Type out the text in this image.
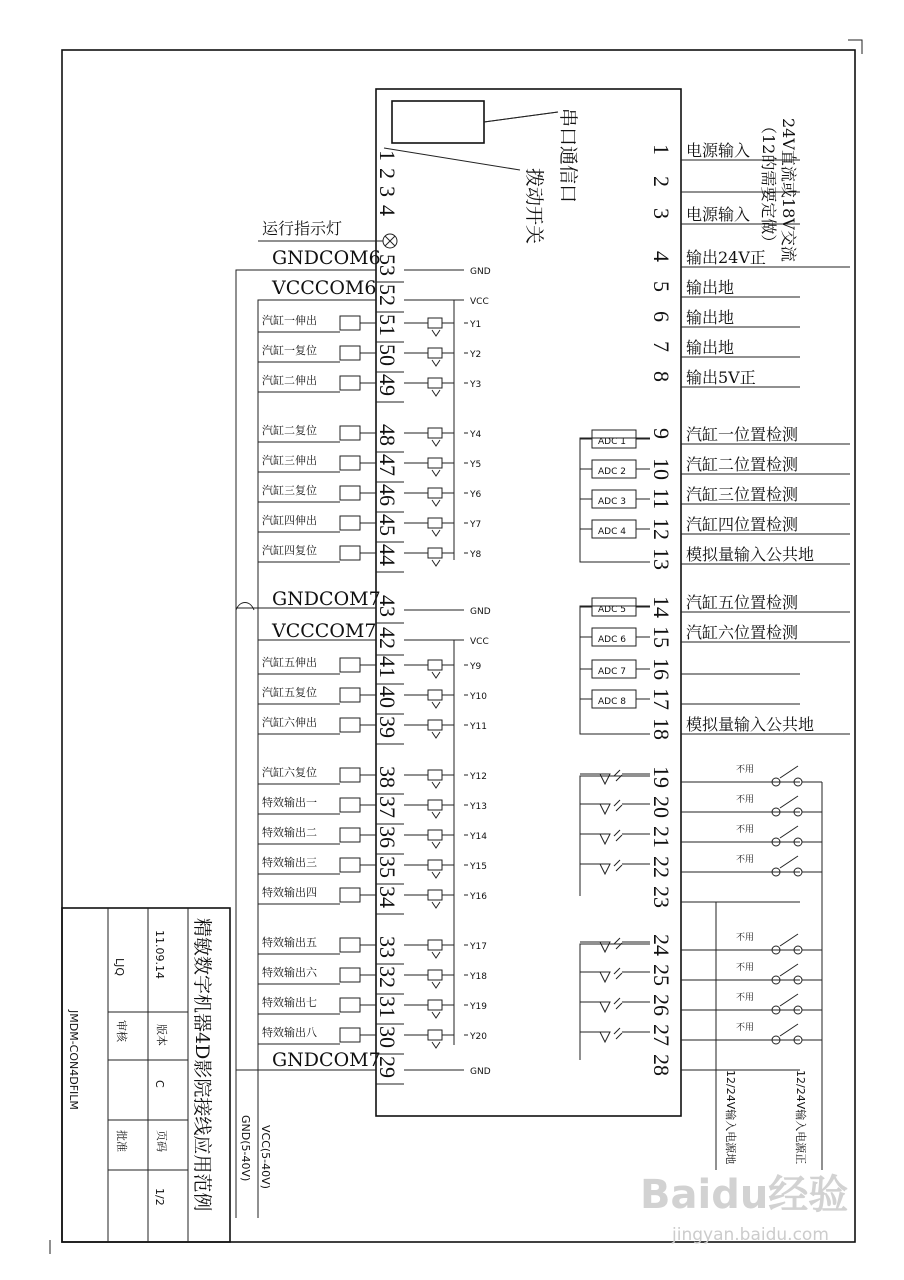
GND
VCC
GND
VCC
GND
53
GNDCOM6
52
VCCCOM6
51
汽缸一伸出	Y1
50
汽缸一复位	Y2
49
汽缸二伸出	Y3
48
汽缸二复位	Y4
47
汽缸三伸出	Y5
46
汽缸三复位	Y6
45
汽缸四伸出	Y7
44
汽缸四复位	Y8
43
GNDCOM7
42
VCCCOM7
41
汽缸五伸出	Y9
40
汽缸五复位	Y10
39
汽缸六伸出	Y11
38
汽缸六复位	Y12
37
特效输出一	Y13
36
特效输出二	Y14
35
特效输出三	Y15
34
特效输出四	Y16
33
特效输出五	Y17
32
特效输出六	Y18
31
特效输出七	Y19
30
特效输出八	Y20
29
GNDCOM7
1 电源输入
2
3 电源输入
4 输出24V正
5 输出地
6 输出地
7 输出地
8 输出5V正
9 汽缸一位置检测
ADC 1
10 汽缸二位置检测
ADC 2
11 汽缸三位置检测
ADC 3
12 汽缸四位置检测
ADC 4
13 模拟量输入公共地
14 汽缸五位置检测
ADC 5
15 汽缸六位置检测
ADC 6
16
ADC 7
17
ADC 8
18 模拟量输入公共地
19	不用
20	不用
21	不用
22	不用
23
24	不用
25	不用
26	不用
27	不用
28
1
2
3
4
串口通信口
拨动开关
运行指示灯	24V直流或18V交流
（12的需要定做）
12/24V输入电源正
12/24V输入电源地
VCC(5-40V)
GND(5-40V)
精敏数字机器4D影院接线应用范例
11.09.14
版本
C
页码
1/2
LJQ
审核
批准
JMDM-CON4DFILM
Baidu经验
jingyan.baidu.com
